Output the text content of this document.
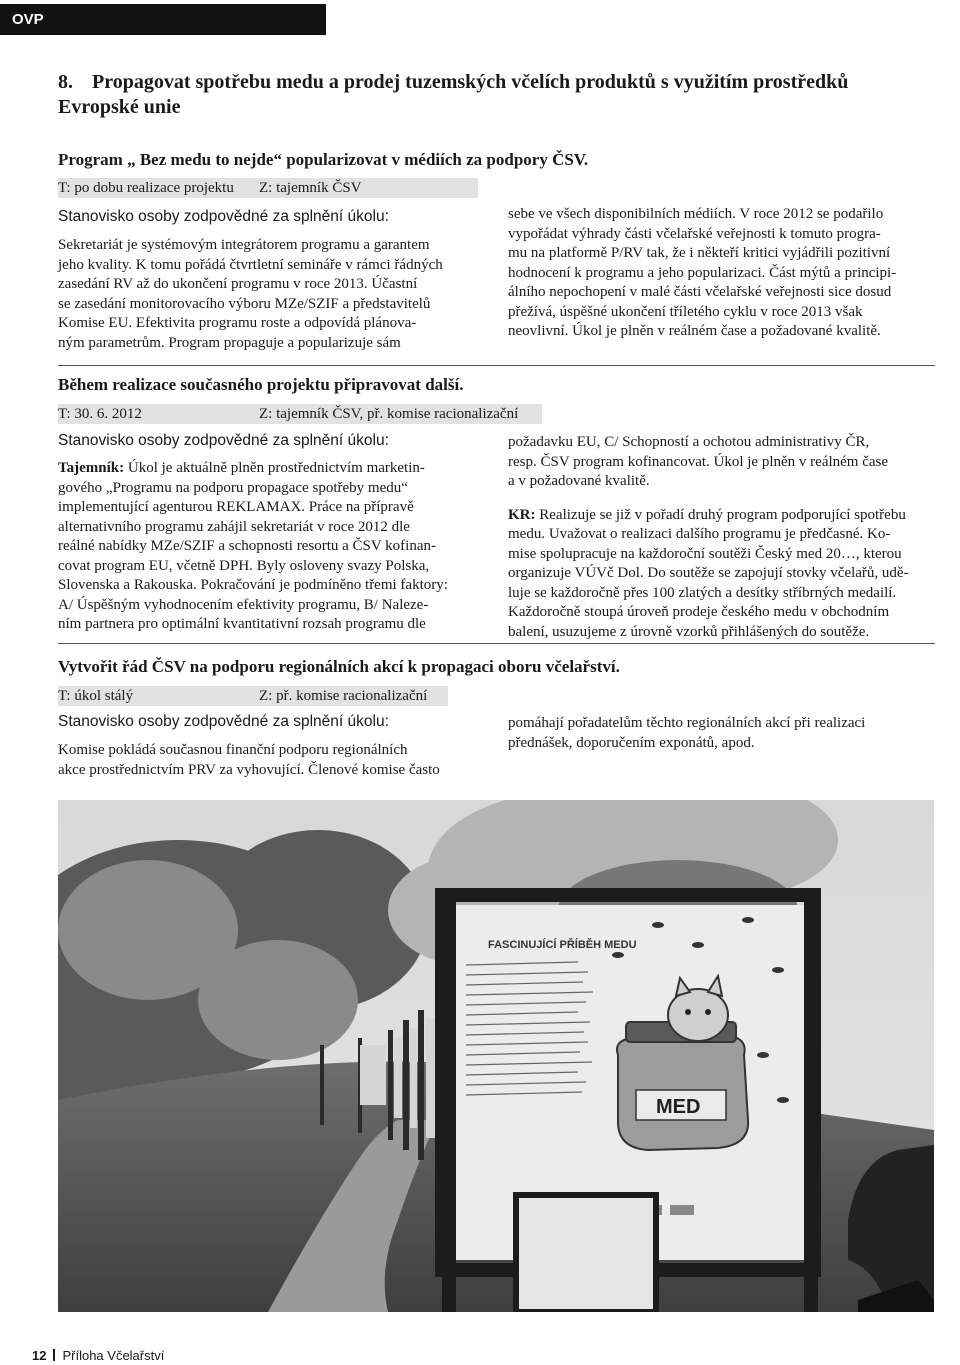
OVP
8. Propagovat spotřebu medu a prodej tuzemských včelích produktů s využitím prostředků Evropské unie
Program „ Bez medu to nejde“ popularizovat v médiích za podpory ČSV.
T: po dobu realizace projektu Z: tajemník ČSV
Stanovisko osoby zodpovědné za splnění úkolu:
Sekretariát je systémovým integrátorem programu a garantem
jeho kvality. K tomu pořádá čtvrtletní semináře v rámci řádných
zasedání RV až do ukončení programu v roce 2013. Účastní
se zasedání monitorovacího výboru MZe/SZIF a představitelů
Komise EU. Efektivita programu roste a odpovídá plánova-
ným parametrům. Program propaguje a popularizuje sám
sebe ve všech disponibilních médiích. V roce 2012 se podařilo
vypořádat výhrady části včelařské veřejnosti k tomuto progra-
mu na platformě P/RV tak, že i někteří kritici vyjádřili pozitivní
hodnocení k programu a jeho popularizaci. Část mýtů a principi-
álního nepochopení v malé části včelařské veřejnosti sice dosud
přežívá, úspěšné ukončení tříletého cyklu v roce 2013 však
neovlivní. Úkol je plněn v reálném čase a požadované kvalitě.
Během realizace současného projektu připravovat další.
T: 30. 6. 2012	Z: tajemník ČSV, př. komise racionalizační
Stanovisko osoby zodpovědné za splnění úkolu:
Tajemník: Úkol je aktuálně plněn prostřednictvím marketin-
gového „Programu na podporu propagace spotřeby medu“
implementující agenturou REKLAMAX. Práce na přípravě
alternativního programu zahájil sekretariát v roce 2012 dle
reálné nabídky MZe/SZIF a schopnosti resortu a ČSV kofinan-
covat program EU, včetně DPH. Byly osloveny svazy Polska,
Slovenska a Rakouska. Pokračování je podmíněno třemi faktory:
A/ Úspěšným vyhodnocením efektivity programu, B/ Naleze-
ním partnera pro optimální kvantitativní rozsah programu dle
požadavku EU, C/ Schopností a ochotou administrativy ČR,
resp. ČSV program kofinancovat. Úkol je plněn v reálném čase
a v požadované kvalitě.
KR: Realizuje se již v pořadí druhý program podporující spotřebu
medu. Uvažovat o realizaci dalšího programu je předčasné. Ko-
mise spolupracuje na každoroční soutěži Český med 20…, kterou
organizuje VÚVč Dol. Do soutěže se zapojují stovky včelařů, udě-
luje se každoročně přes 100 zlatých a desítky stříbrných medailí.
Každoročně stoupá úroveň prodeje českého medu v obchodním
balení, usuzujeme z úrovně vzorků přihlášených do soutěže.
Vytvořit řád ČSV na podporu regionálních akcí k propagaci oboru včelařství.
T: úkol stálý	Z: př. komise racionalizační
Stanovisko osoby zodpovědné za splnění úkolu:
Komise pokládá současnou finanční podporu regionálních
akce prostřednictvím PRV za vyhovující. Členové komise často
pomáhají pořadatelům těchto regionálních akcí při realizaci
přednášek, doporučením exponátů, apod.
FASCINUJÍCÍ PŘÍBĚH MEDU
MED
12 Příloha Včelařství
